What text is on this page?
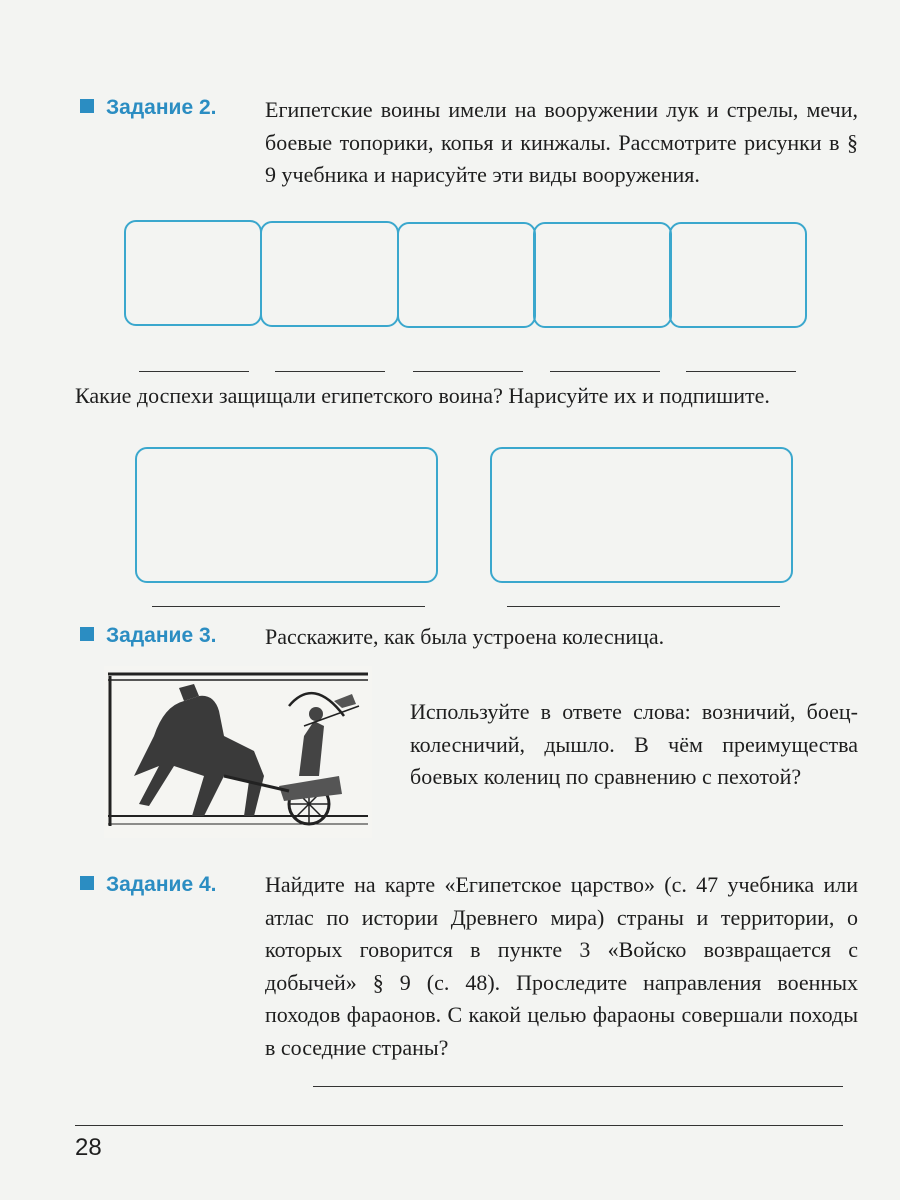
Задание 2. Египетские воины имели на вооружении лук и стрелы, мечи, боевые топорики, копья и кинжалы. Рассмотрите рисунки в § 9 учебника и нарисуйте эти виды вооружения.
Какие доспехи защищали египетского воина? Нарисуйте их и подпишите.
Задание 3. Расскажите, как была устроена колесница.
Используйте в ответе слова: возничий, боец-колесничий, дышло. В чём преимущества боевых колениц по сравнению с пехотой?
Задание 4. Найдите на карте «Египетское царство» (с. 47 учебника или атлас по истории Древнего мира) страны и территории, о которых говорится в пункте 3 «Войско возвращается с добычей» § 9 (с. 48). Проследите направления военных походов фараонов. С какой целью фараоны совершали походы в соседние страны?
28
